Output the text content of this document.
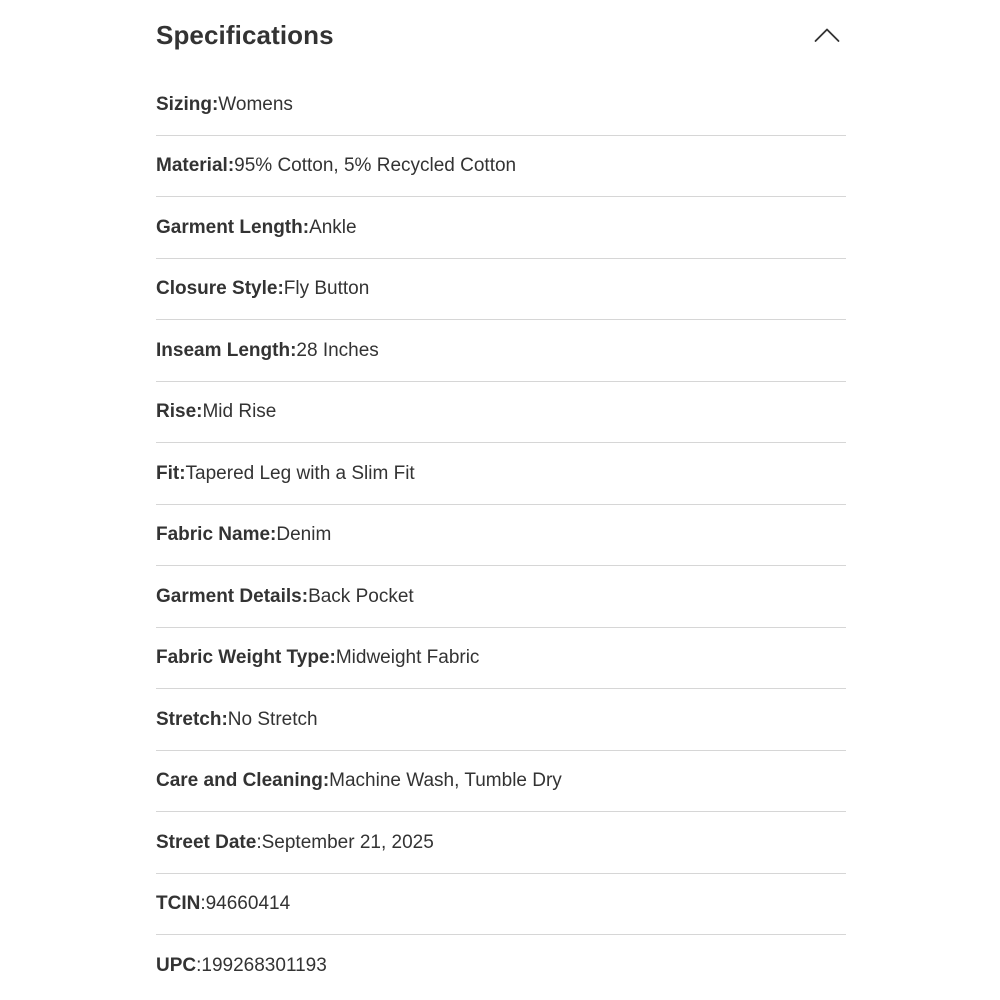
Specifications
Sizing : Womens
Material : 95% Cotton, 5% Recycled Cotton
Garment Length : Ankle
Closure Style : Fly Button
Inseam Length : 28 Inches
Rise : Mid Rise
Fit : Tapered Leg with a Slim Fit
Fabric Name : Denim
Garment Details : Back Pocket
Fabric Weight Type : Midweight Fabric
Stretch : No Stretch
Care and Cleaning : Machine Wash, Tumble Dry
Street Date : September 21, 2025
TCIN : 94660414
UPC : 199268301193
